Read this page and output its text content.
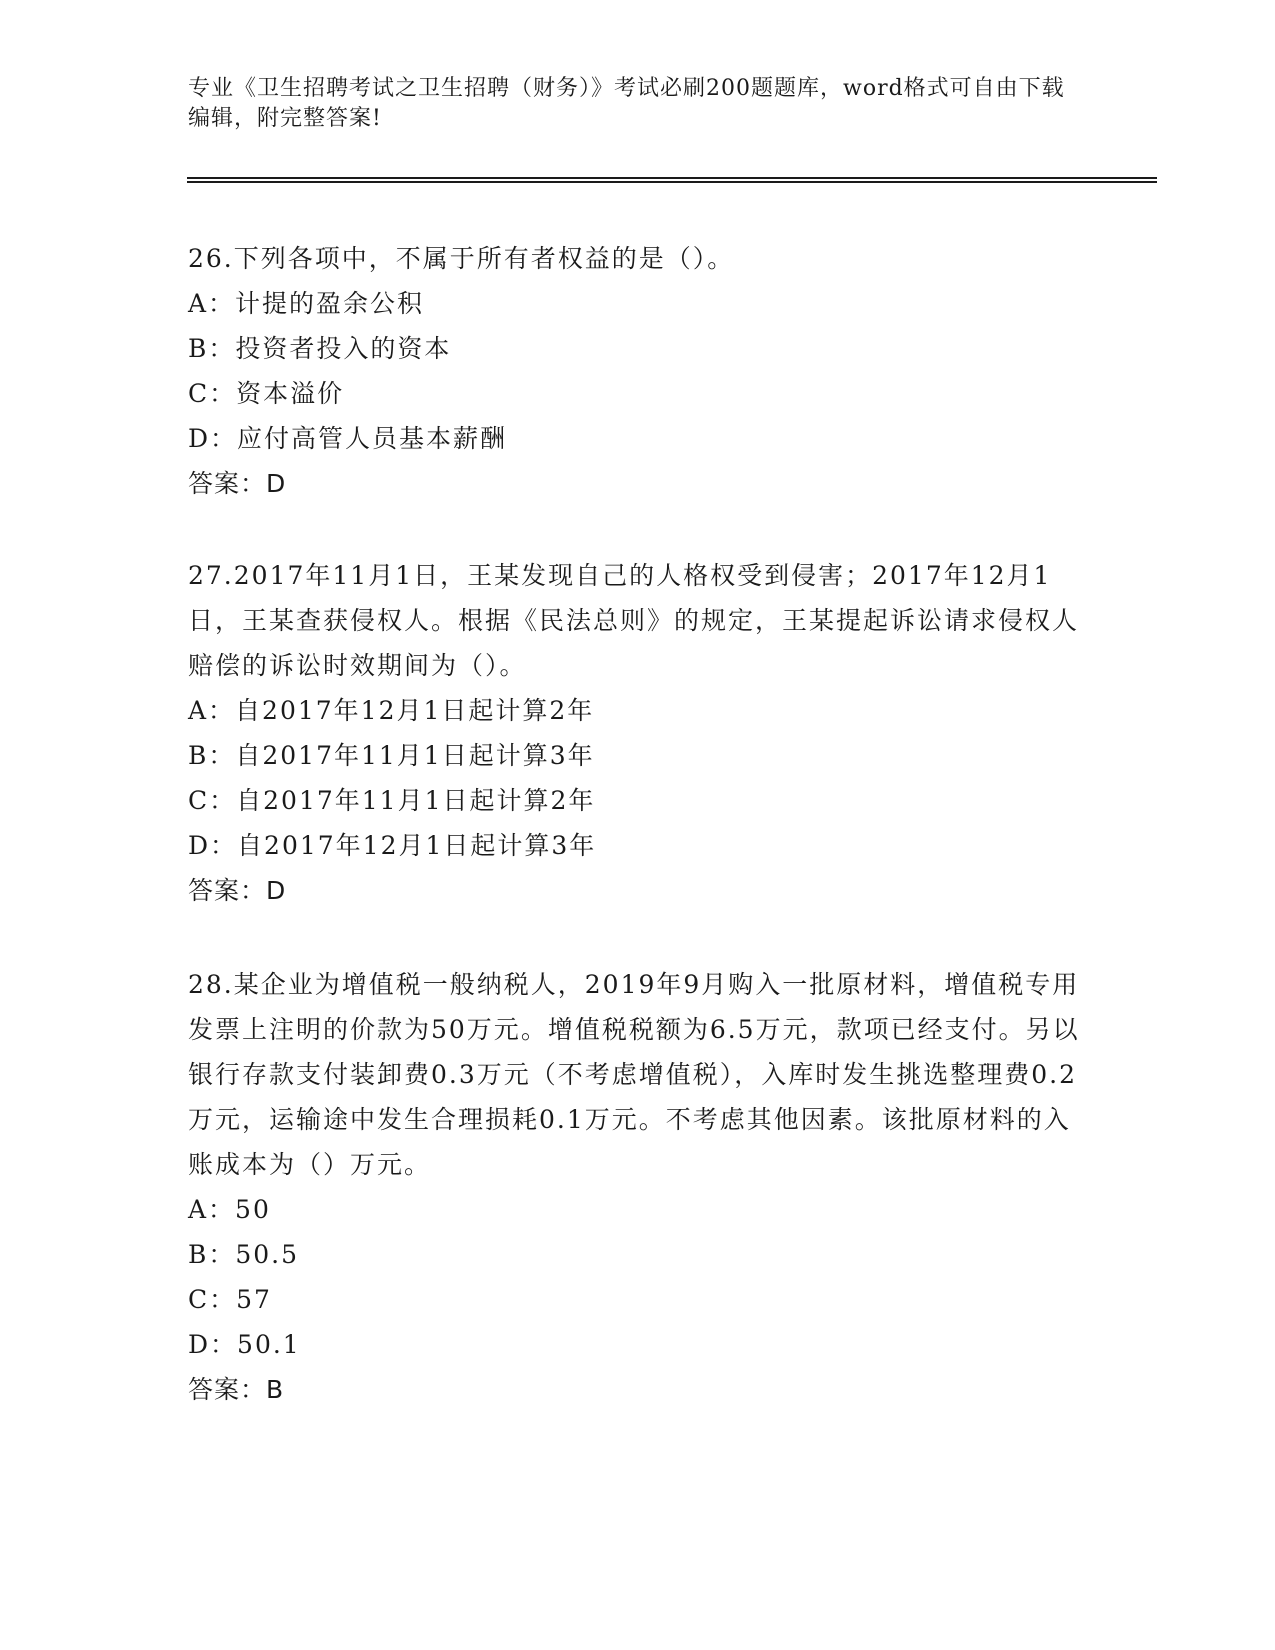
专业《卫生招聘考试之卫生招聘（财务）》考试必刷200题题库，word格式可自由下载编辑，附完整答案!

26.下列各项中，不属于所有者权益的是（）。

A：计提的盈余公积

B：投资者投入的资本

C：资本溢价

D：应付高管人员基本薪酬

答案：D

27.2017年11月1日，王某发现自己的人格权受到侵害；2017年12月1日，王某查获侵权人。根据《民法总则》的规定，王某提起诉讼请求侵权人赔偿的诉讼时效期间为（）。

A：自2017年12月1日起计算2年

B：自2017年11月1日起计算3年

C：自2017年11月1日起计算2年

D：自2017年12月1日起计算3年

答案：D

28.某企业为增值税一般纳税人，2019年9月购入一批原材料，增值税专用发票上注明的价款为50万元。增值税税额为6.5万元，款项已经支付。另以银行存款支付装卸费0.3万元（不考虑增值税），入库时发生挑选整理费0.2万元，运输途中发生合理损耗0.1万元。不考虑其他因素。该批原材料的入账成本为（）万元。

A：50

B：50.5

C：57

D：50.1

答案：B
